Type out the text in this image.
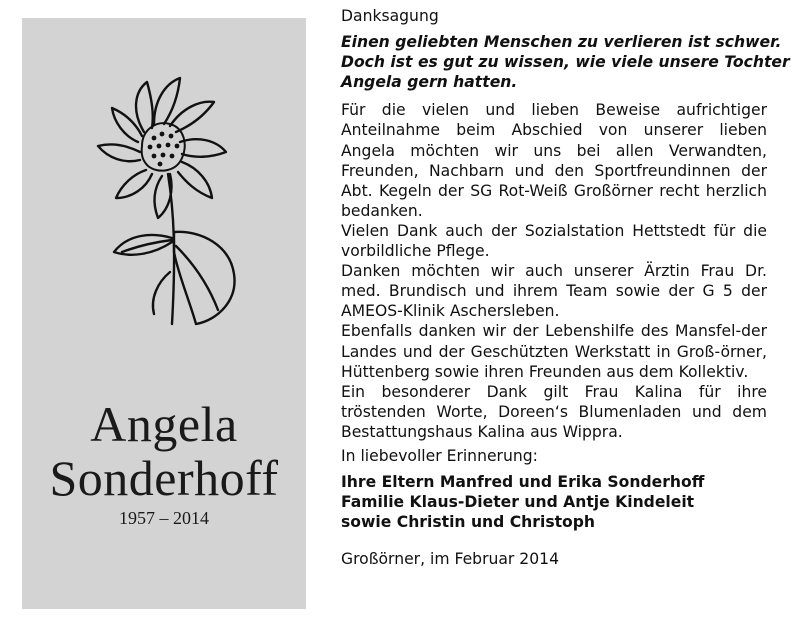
Angela
Sonderhoff
1957 – 2014
Danksagung
Einen geliebten Menschen zu verlieren ist schwer.
Doch ist es gut zu wissen, wie viele unsere Tochter
Angela gern hatten.

Für die vielen und lieben Beweise aufrichtiger Anteilnahme beim Abschied von unserer lieben Angela möchten wir uns bei allen Verwandten, Freunden, Nachbarn und den Sportfreundinnen der Abt. Kegeln der SG Rot-Weiß Großörner recht herzlich bedanken.

Vielen Dank auch der Sozialstation Hettstedt für die vorbildliche Pflege.

Danken möchten wir auch unserer Ärztin Frau Dr. med. Brundisch und ihrem Team sowie der G 5 der AMEOS-Klinik Aschersleben.

Ebenfalls danken wir der Lebenshilfe des Mansfel-der Landes und der Geschützten Werkstatt in Groß-örner, Hüttenberg sowie ihren Freunden aus dem Kollektiv.

Ein besonderer Dank gilt Frau Kalina für ihre tröstenden Worte, Doreen‘s Blumenladen und dem Bestattungshaus Kalina aus Wippra.

In liebevoller Erinnerung:
Ihre Eltern Manfred und Erika Sonderhoff
Familie Klaus-Dieter und Antje Kindeleit
sowie Christin und Christoph
Großörner, im Februar 2014
